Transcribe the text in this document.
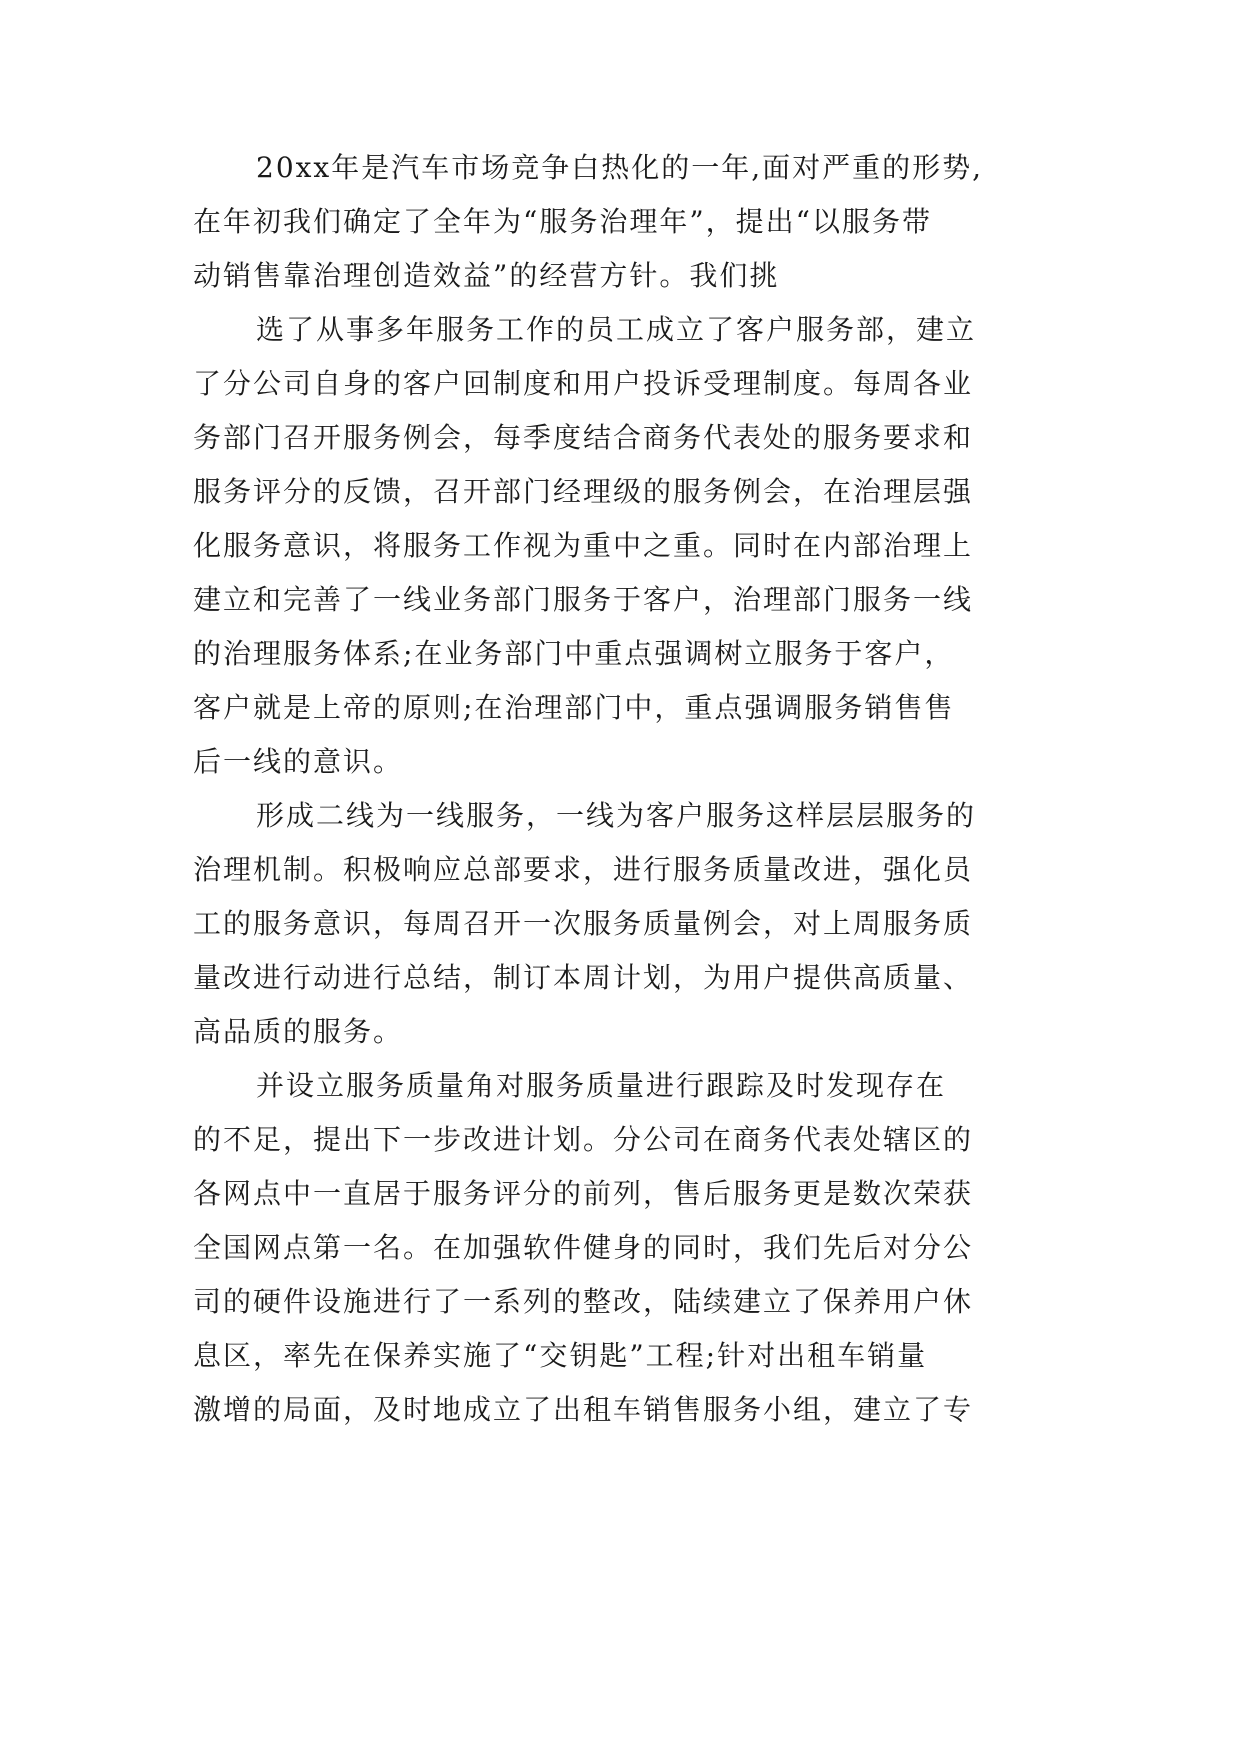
20xx年是汽车市场竞争白热化的一年,面对严重的形势,
在年初我们确定了全年为“服务治理年”，提出“以服务带
动销售靠治理创造效益”的经营方针。我们挑
选了从事多年服务工作的员工成立了客户服务部，建立
了分公司自身的客户回制度和用户投诉受理制度。每周各业
务部门召开服务例会，每季度结合商务代表处的服务要求和
服务评分的反馈，召开部门经理级的服务例会，在治理层强
化服务意识，将服务工作视为重中之重。同时在内部治理上
建立和完善了一线业务部门服务于客户，治理部门服务一线
的治理服务体系;在业务部门中重点强调树立服务于客户，
客户就是上帝的原则;在治理部门中，重点强调服务销售售
后一线的意识。
形成二线为一线服务，一线为客户服务这样层层服务的
治理机制。积极响应总部要求，进行服务质量改进，强化员
工的服务意识，每周召开一次服务质量例会，对上周服务质
量改进行动进行总结，制订本周计划，为用户提供高质量、
高品质的服务。
并设立服务质量角对服务质量进行跟踪及时发现存在
的不足，提出下一步改进计划。分公司在商务代表处辖区的
各网点中一直居于服务评分的前列，售后服务更是数次荣获
全国网点第一名。在加强软件健身的同时，我们先后对分公
司的硬件设施进行了一系列的整改，陆续建立了保养用户休
息区，率先在保养实施了“交钥匙”工程;针对出租车销量
激增的局面，及时地成立了出租车销售服务小组，建立了专
